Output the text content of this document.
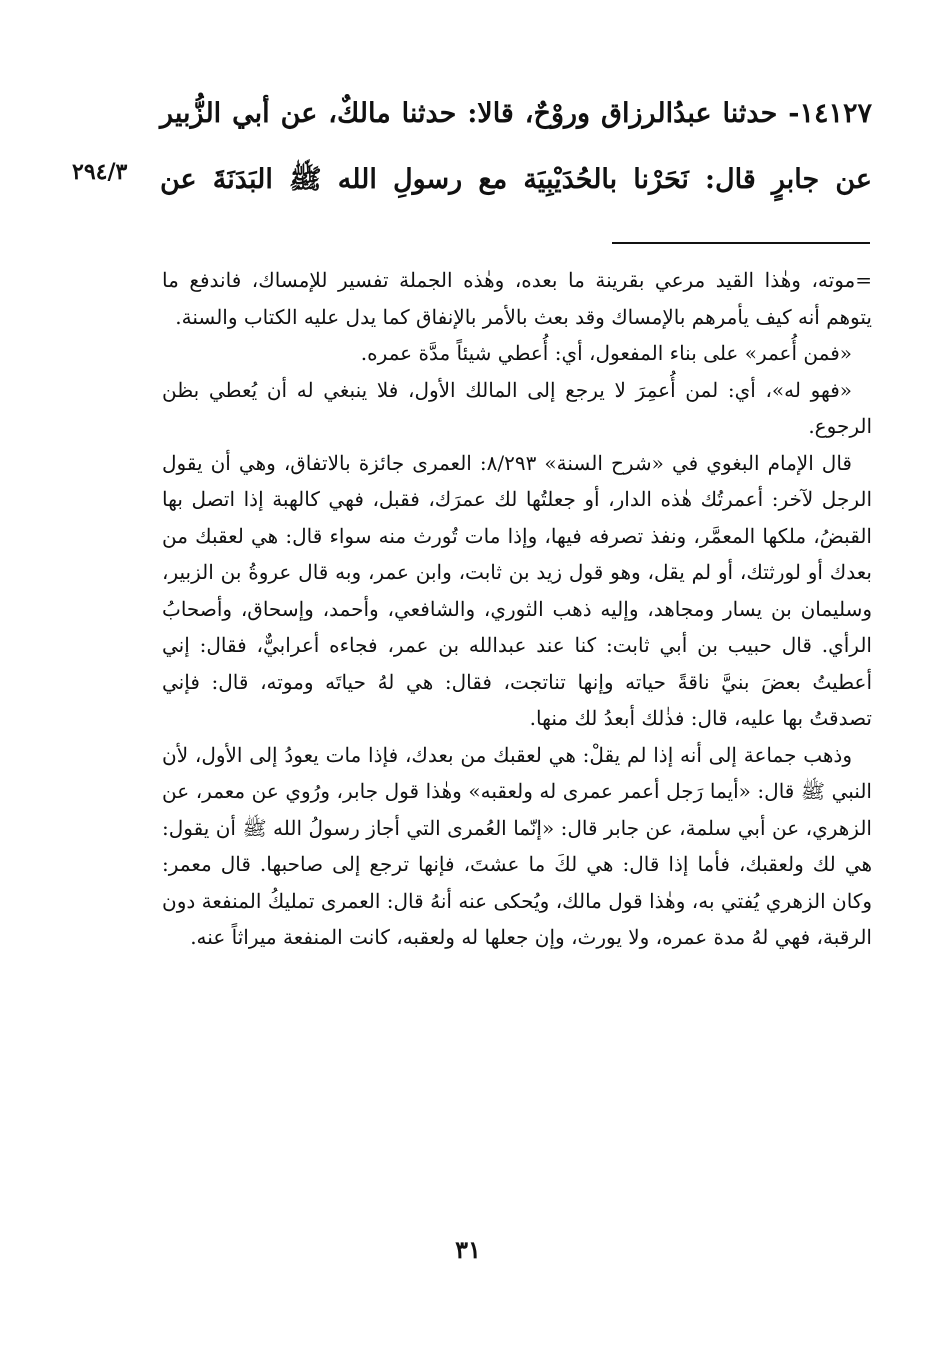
١٤١٢٧- حدثنا عبدُالرزاق وروْحٌ، قالا: حدثنا مالكٌ، عن أبي الزُّبير
عن جابرٍ قال: نَحَرْنا بالحُدَيْبِيَة مع رسولِ الله ﷺ البَدَنَةَ عن
٢٩٤/٣

=موته، وهٰذا القيد مرعي بقرينة ما بعده، وهٰذه الجملة تفسير للإمساك، فاندفع ما يتوهم أنه كيف يأمرهم بالإمساك وقد بعث بالأمر بالإنفاق كما يدل عليه الكتاب والسنة.

«فمن أُعمر» على بناء المفعول، أي: أُعطي شيئاً مدَّة عمره.

«فهو له»، أي: لمن أُعمِرَ لا يرجع إلى المالك الأول، فلا ينبغي له أن يُعطي بظن الرجوع.

قال الإمام البغوي في «شرح السنة» ٨/٢٩٣: العمرى جائزة بالاتفاق، وهي أن يقول الرجل لآخر: أعمرتُك هٰذه الدار، أو جعلتُها لك عمرَك، فقبل، فهي كالهبة إذا اتصل بها القبضُ، ملكها المعمَّر، ونفذ تصرفه فيها، وإذا مات تُورث منه سواء قال: هي لعقبك من بعدك أو لورثتك، أو لم يقل، وهو قول زيد بن ثابت، وابن عمر، وبه قال عروةُ بن الزبير، وسليمان بن يسار ومجاهد، وإليه ذهب الثوري، والشافعي، وأحمد، وإسحاق، وأصحابُ الرأي. قال حبيب بن أبي ثابت: كنا عند عبدالله بن عمر، فجاءه أعرابيٌّ، فقال: إني أعطيتُ بعضَ بنيَّ ناقةً حياته وإنها تناتجت، فقال: هي لهُ حياتَه وموته، قال: فإني تصدقتُ بها عليه، قال: فذٰلك أبعدُ لك منها.

وذهب جماعة إلى أنه إذا لم يقلْ: هي لعقبك من بعدك، فإذا مات يعودُ إلى الأول، لأن النبي ﷺ قال: «أيما رَجل أعمر عمرى له ولعقبه» وهٰذا قول جابر، ورُوي عن معمر، عن الزهري، عن أبي سلمة، عن جابر قال: «إنّما العُمرى التي أجاز رسولُ الله ﷺ أن يقول: هي لك ولعقبك، فأما إذا قال: هي لكَ ما عشتَ، فإنها ترجع إلى صاحبها. قال معمر: وكان الزهري يُفتي به، وهٰذا قول مالك، ويُحكى عنه أنهُ قال: العمرى تمليكُ المنفعة دون الرقبة، فهي لهُ مدة عمره، ولا يورث، وإن جعلها له ولعقبه، كانت المنفعة ميراثاً عنه.

٣١
